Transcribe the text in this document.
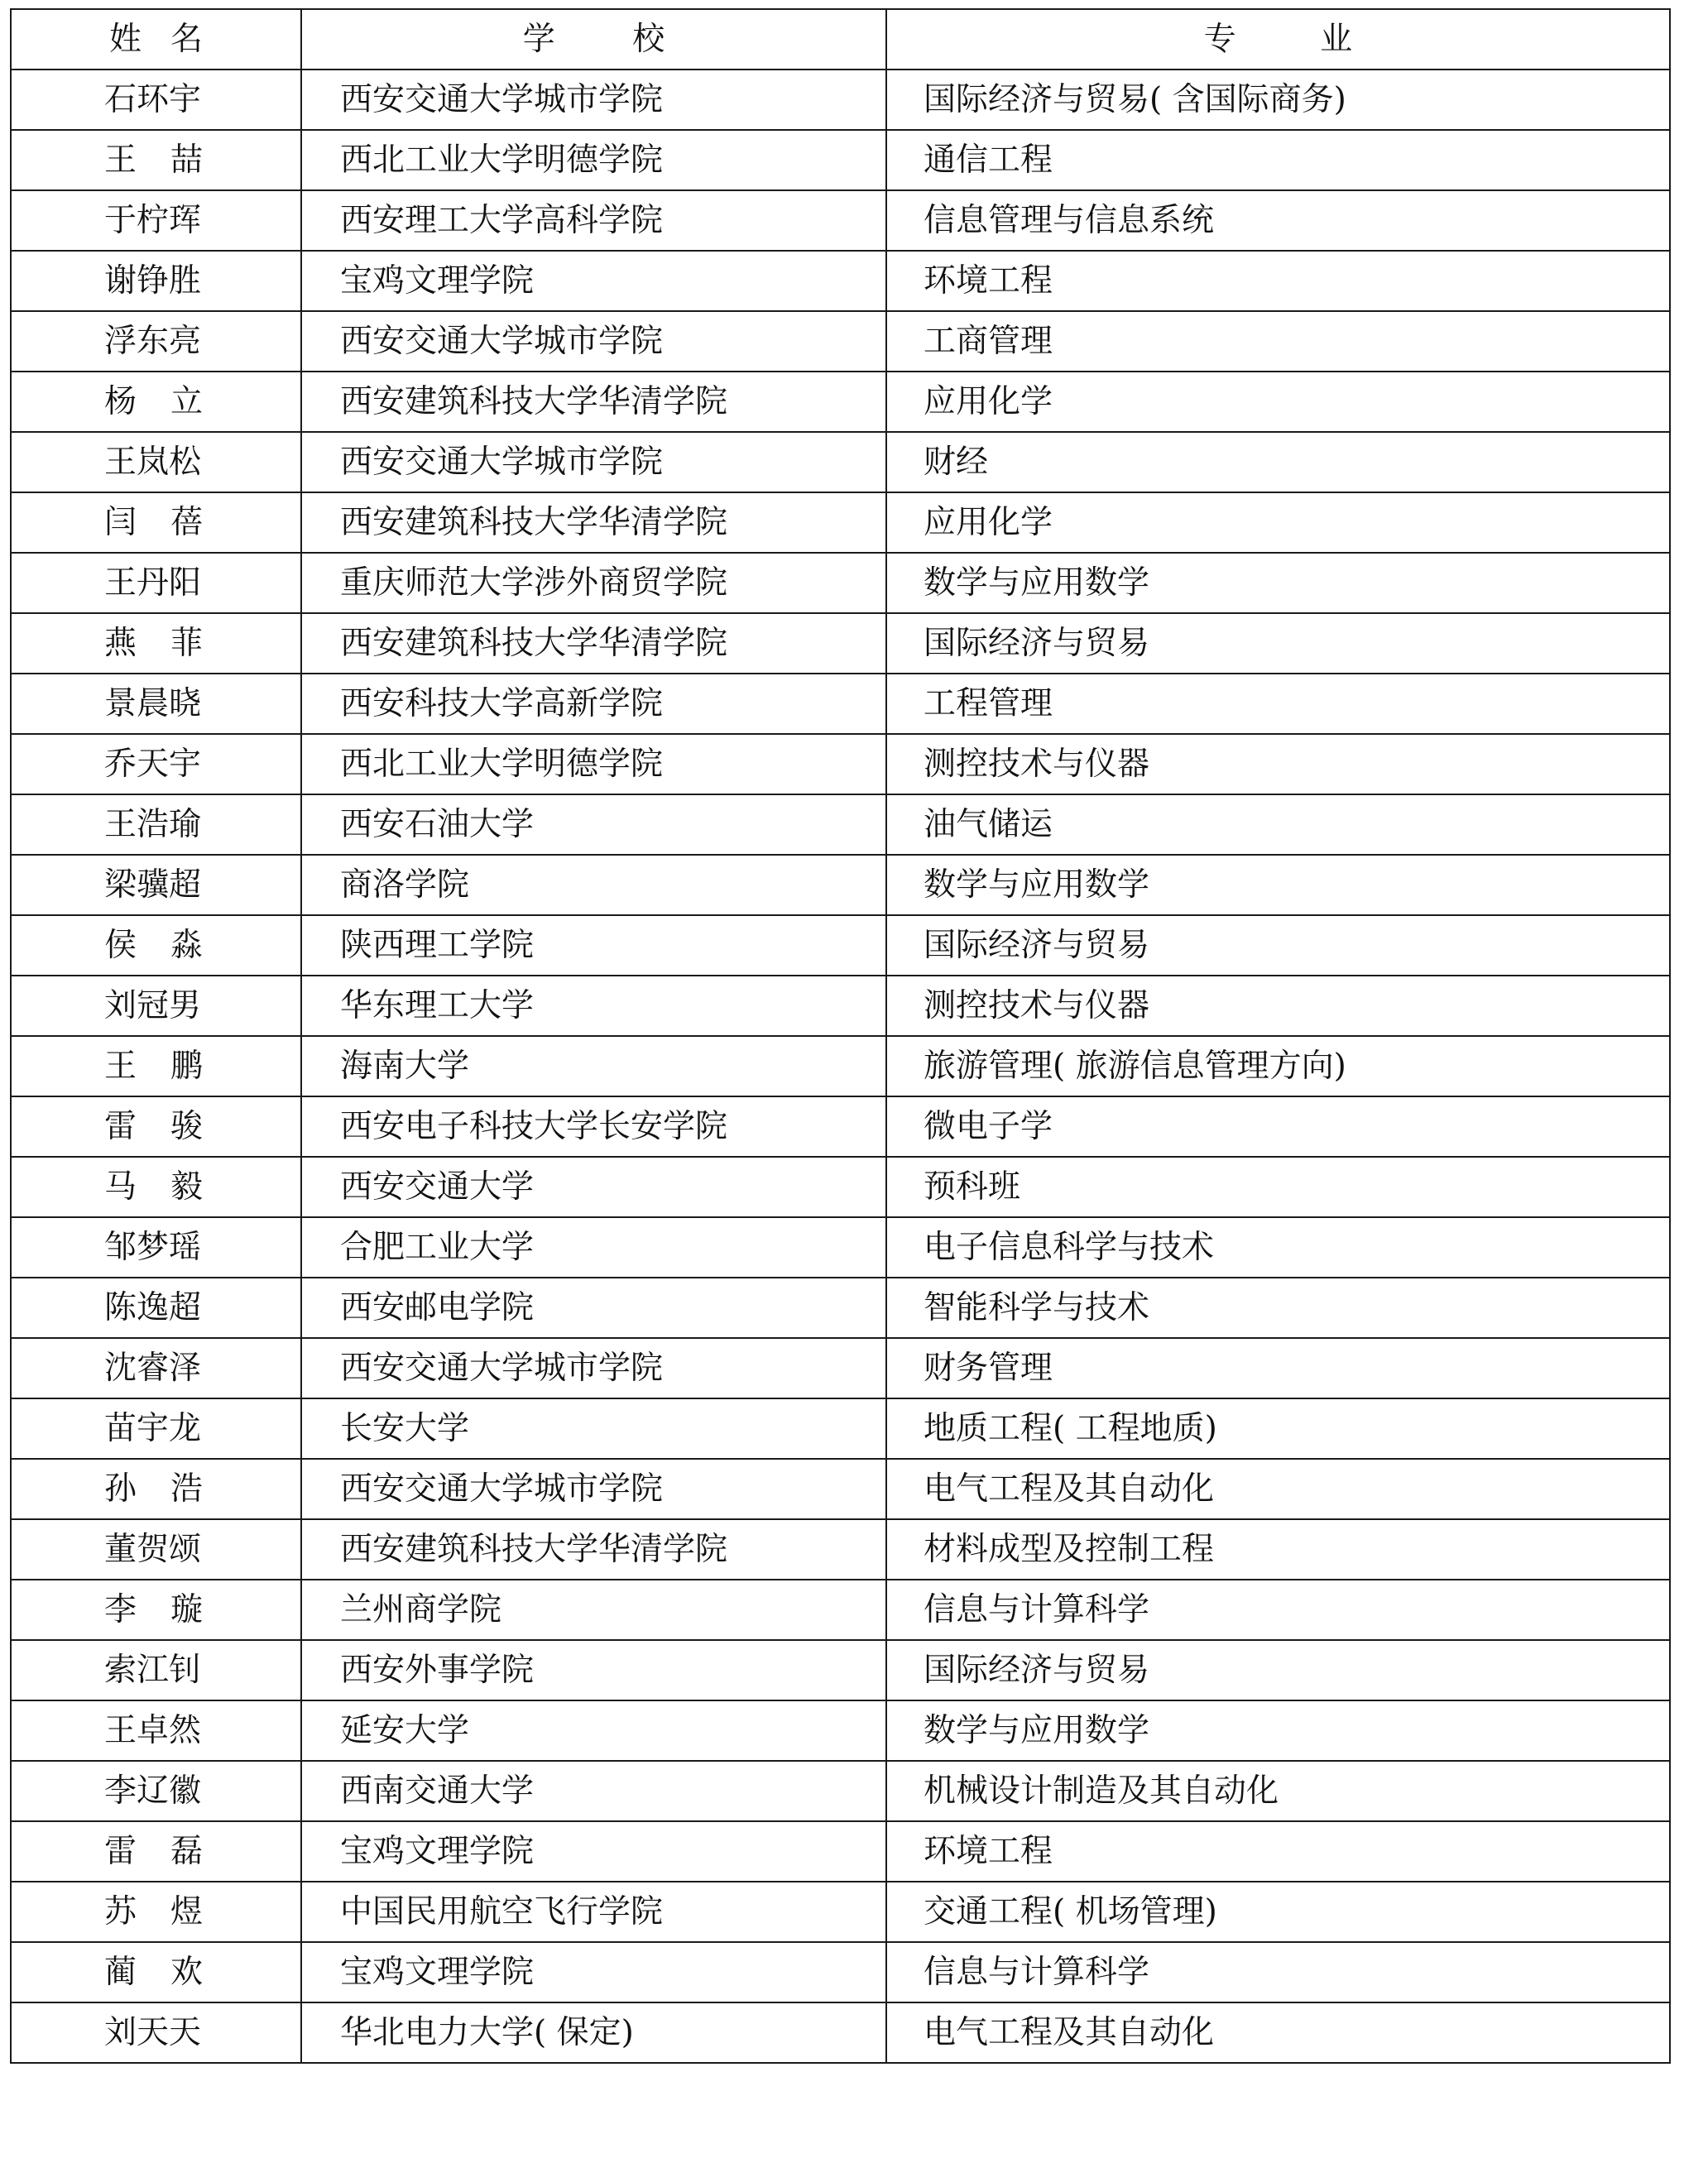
姓名	学校	专业
石环宇	西安交通大学城市学院	国际经济与贸易( 含国际商务)
王喆	西北工业大学明德学院	通信工程
于柠珲	西安理工大学高科学院	信息管理与信息系统
谢铮胜	宝鸡文理学院	环境工程
浮东亮	西安交通大学城市学院	工商管理
杨立	西安建筑科技大学华清学院	应用化学
王岚松	西安交通大学城市学院	财经
闫蓓	西安建筑科技大学华清学院	应用化学
王丹阳	重庆师范大学涉外商贸学院	数学与应用数学
燕菲	西安建筑科技大学华清学院	国际经济与贸易
景晨晓	西安科技大学高新学院	工程管理
乔天宇	西北工业大学明德学院	测控技术与仪器
王浩瑜	西安石油大学	油气储运
梁骥超	商洛学院	数学与应用数学
侯淼	陕西理工学院	国际经济与贸易
刘冠男	华东理工大学	测控技术与仪器
王鹏	海南大学	旅游管理( 旅游信息管理方向)
雷骏	西安电子科技大学长安学院	微电子学
马毅	西安交通大学	预科班
邹梦瑶	合肥工业大学	电子信息科学与技术
陈逸超	西安邮电学院	智能科学与技术
沈睿泽	西安交通大学城市学院	财务管理
苗宇龙	长安大学	地质工程( 工程地质)
孙浩	西安交通大学城市学院	电气工程及其自动化
董贺颂	西安建筑科技大学华清学院	材料成型及控制工程
李璇	兰州商学院	信息与计算科学
索江钊	西安外事学院	国际经济与贸易
王卓然	延安大学	数学与应用数学
李辽徽	西南交通大学	机械设计制造及其自动化
雷磊	宝鸡文理学院	环境工程
苏煜	中国民用航空飞行学院	交通工程( 机场管理)
蔺欢	宝鸡文理学院	信息与计算科学
刘天天	华北电力大学( 保定)	电气工程及其自动化
